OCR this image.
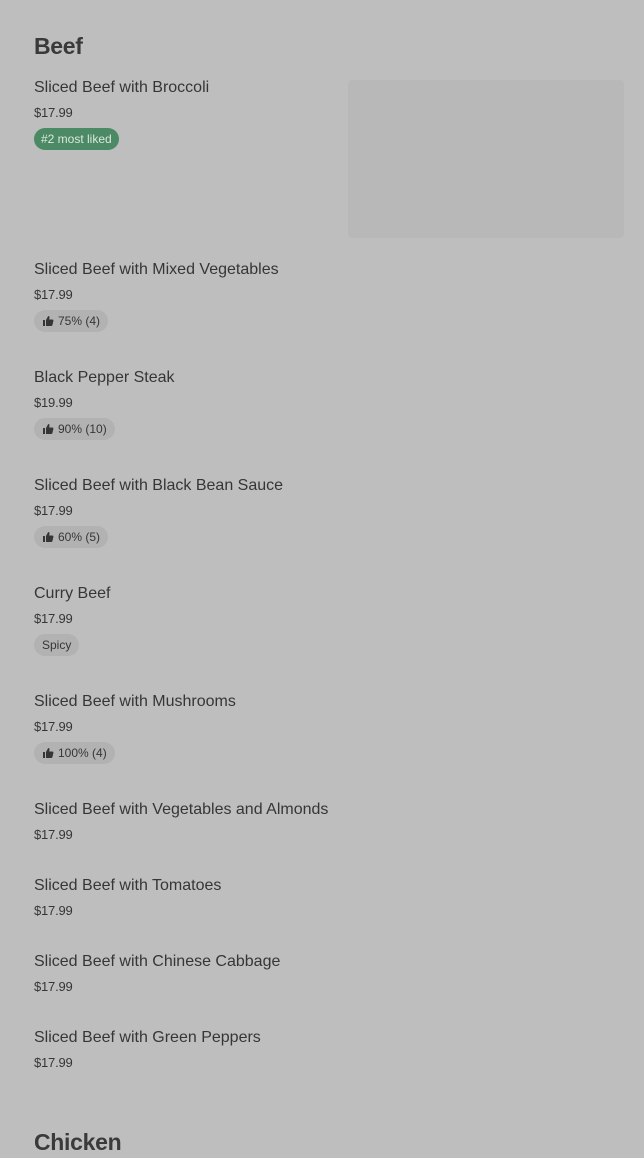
Beef
Sliced Beef with Broccoli
$17.99
#2 most liked
Sliced Beef with Mixed Vegetables
$17.99
75% (4)
Black Pepper Steak
$19.99
90% (10)
Sliced Beef with Black Bean Sauce
$17.99
60% (5)
Curry Beef
$17.99
Spicy
Sliced Beef with Mushrooms
$17.99
100% (4)
Sliced Beef with Vegetables and Almonds
$17.99
Sliced Beef with Tomatoes
$17.99
Sliced Beef with Chinese Cabbage
$17.99
Sliced Beef with Green Peppers
$17.99
Chicken
